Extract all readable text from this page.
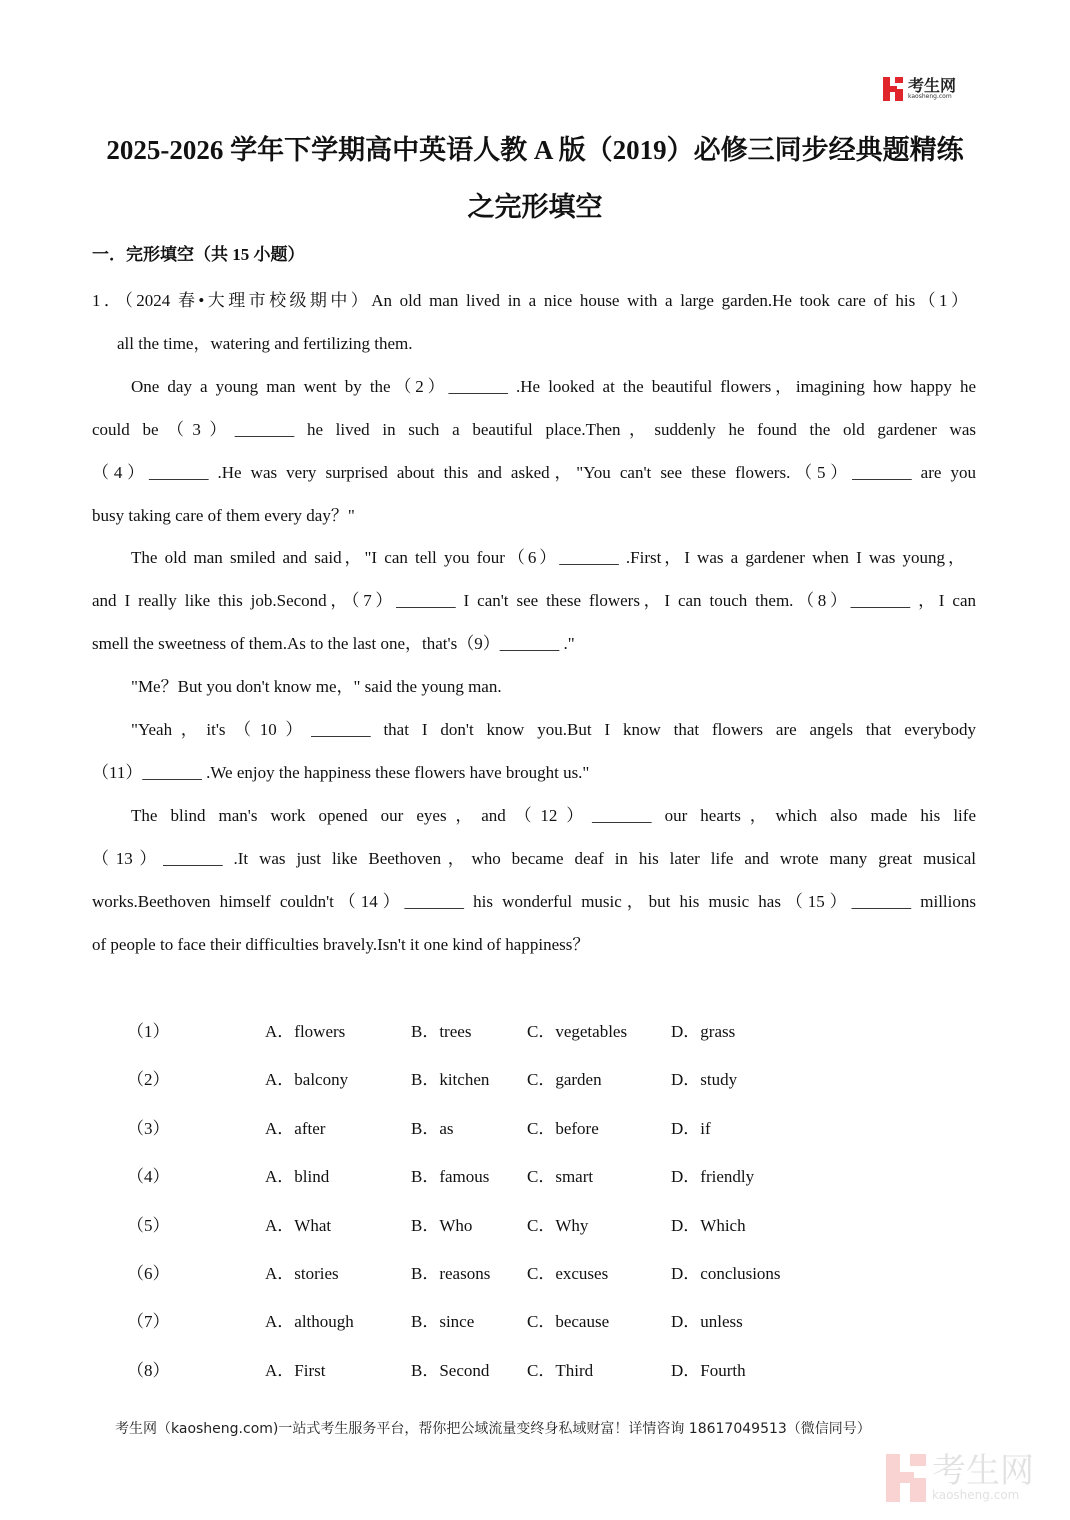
考生网
kaosheng.com
2025-2026 学年下学期高中英语人教 A 版（2019）必修三同步经典题精练
之完形填空
一．完形填空（共 15 小题）
1．（2024 春•大理市校级期中）An old man lived in a nice house with a large garden.He took care of his（1）
all the time，watering and fertilizing them.
One day a young man went by the（2）_______ .He looked at the beautiful flowers，imagining how happy he
could be（3）_______ he lived in such a beautiful place.Then，suddenly he found the old gardener was
（4）_______ .He was very surprised about this and asked，"You can't see these flowers.（5）_______ are you
busy taking care of them every day？"
The old man smiled and said，"I can tell you four（6）_______ .First，I was a gardener when I was young，
and I really like this job.Second，（7）_______ I can't see these flowers，I can touch them.（8）_______ ，I can
smell the sweetness of them.As to the last one，that's（9）_______ ."
"Me？But you don't know me，" said the young man.
"Yeah，it's（10）_______ that I don't know you.But I know that flowers are angels that everybody
（11）_______ .We enjoy the happiness these flowers have brought us."
The blind man's work opened our eyes，and（12）_______ our hearts，which also made his life
（13）_______ .It was just like Beethoven，who became deaf in his later life and wrote many great musical
works.Beethoven himself couldn't（14）_______ his wonderful music，but his music has（15）_______ millions
of people to face their difficulties bravely.Isn't it one kind of happiness？
（1）	A．flowers	B．trees	C．vegetables	D．grass
（2）	A．balcony	B．kitchen C．garden	D．study
（3）	A．after	B．as	C．before	D．if
（4）	A．blind	B．famous C．smart	D．friendly
（5）	A．What	B．Who	C．Why	D．Which
（6）	A．stories	B．reasons C．excuses	D．conclusions
（7）	A．although	B．since	C．because	D．unless
（8）	A．First	B．Second C．Third	D．Fourth
考生网（kaosheng.com)一站式考生服务平台，帮你把公域流量变终身私域财富！详情咨询 18617049513（微信同号）
考生网
kaosheng.com
